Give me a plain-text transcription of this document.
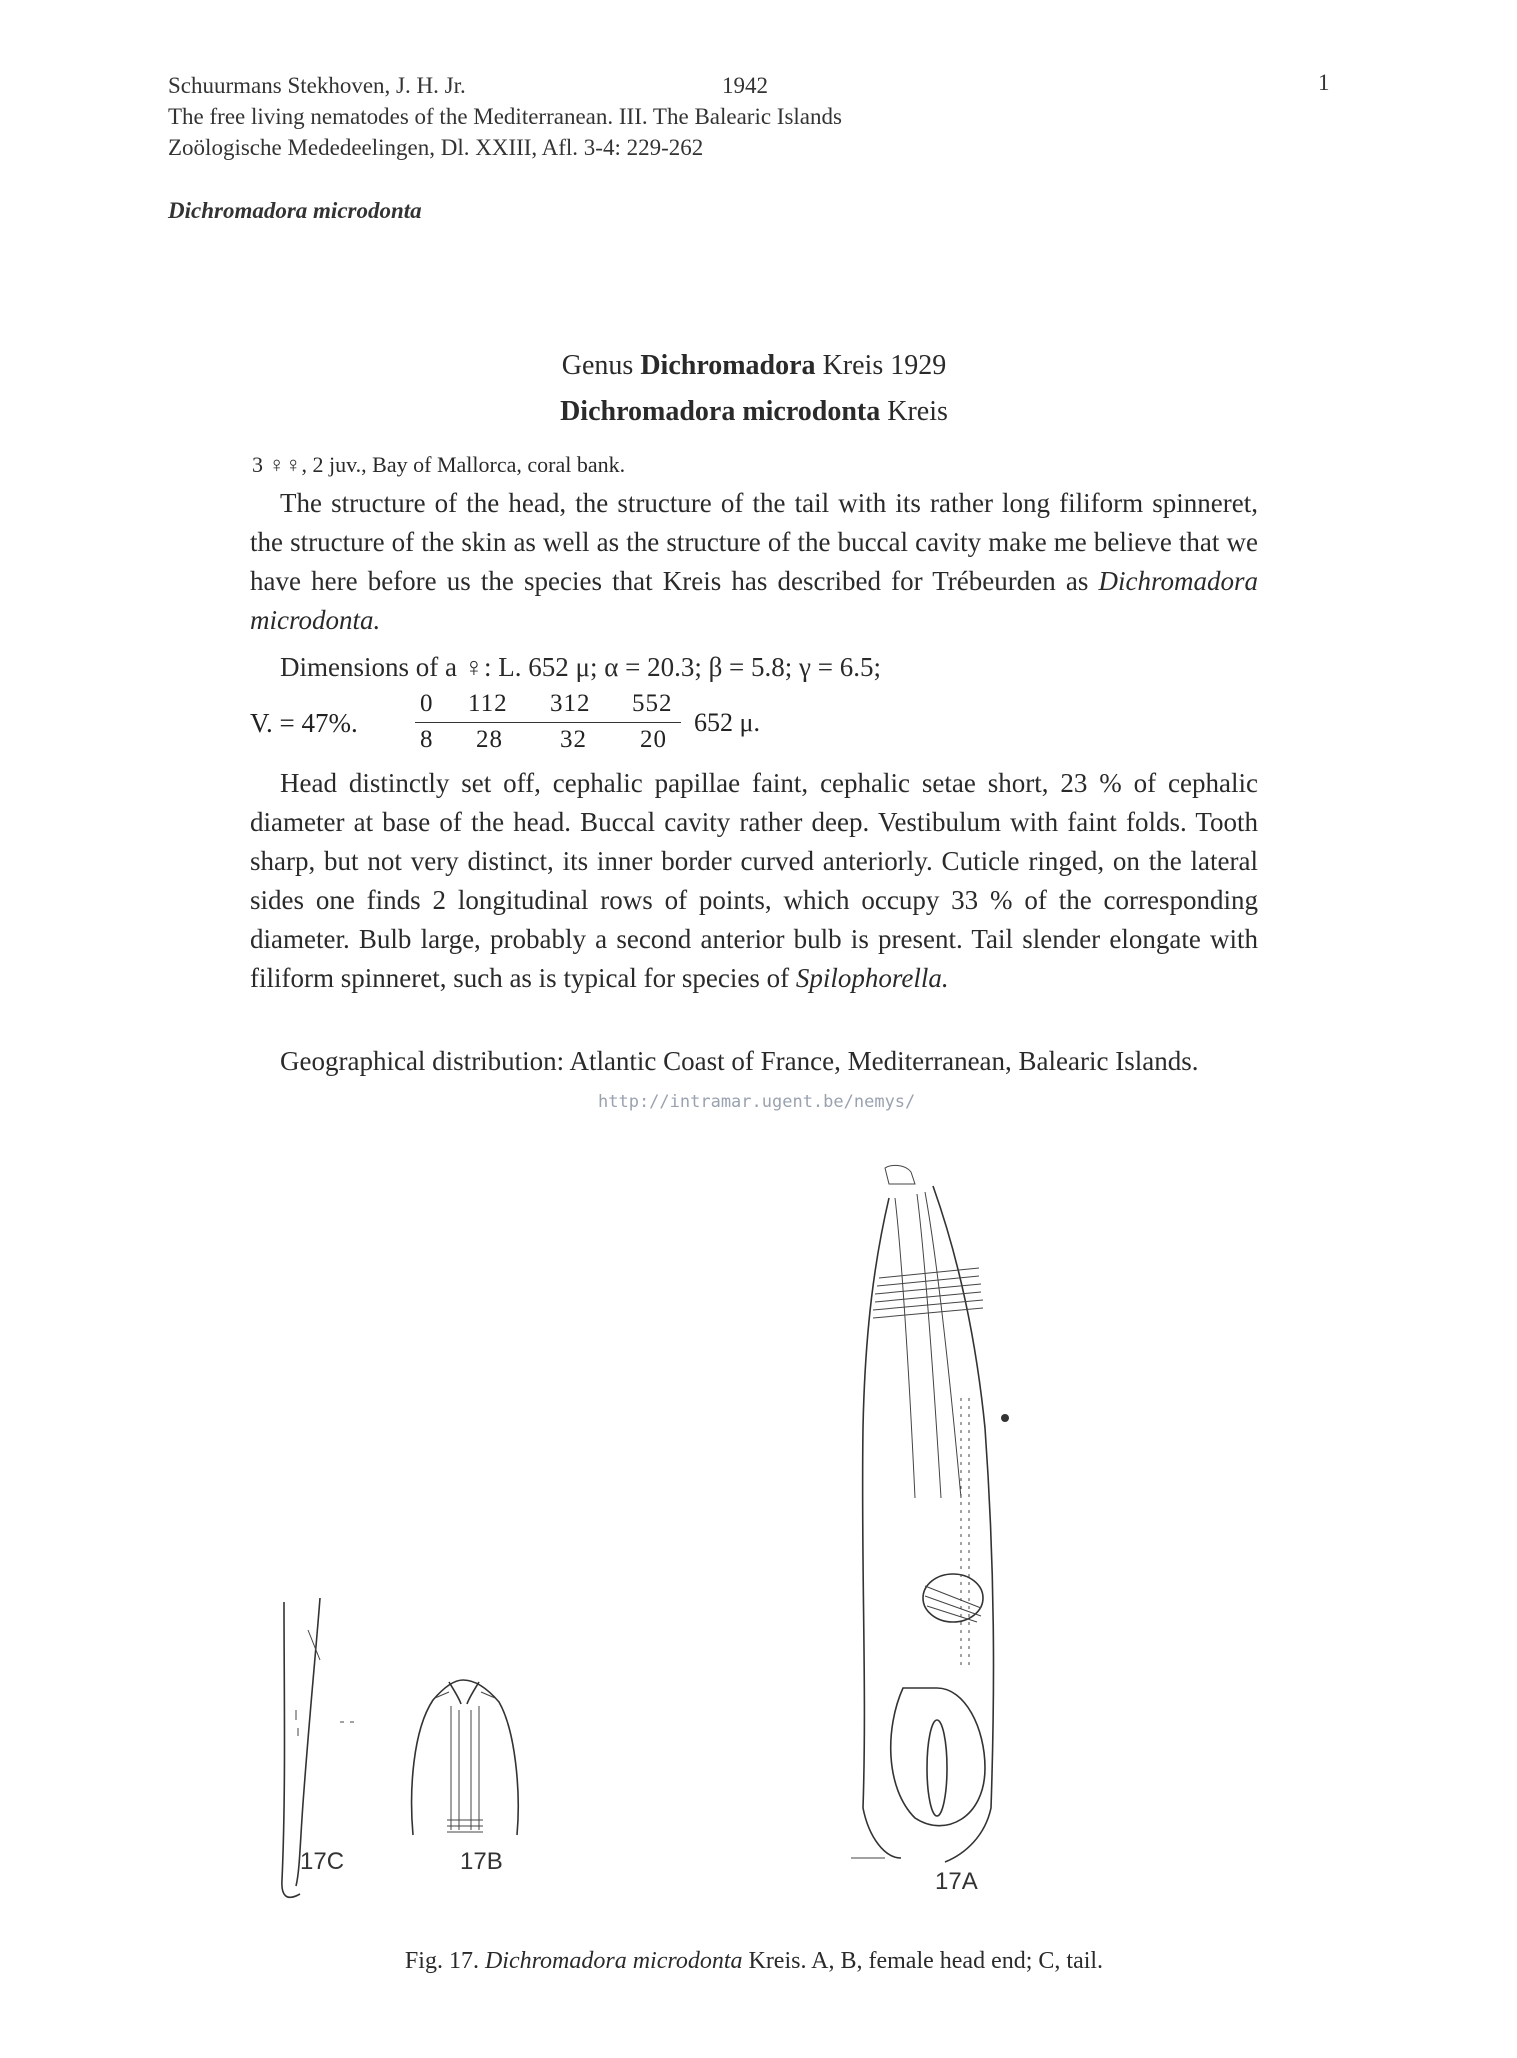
Schuurmans Stekhoven, J. H. Jr.	1942	1
The free living nematodes of the Mediterranean. III. The Balearic Islands
Zoölogische Mededeelingen, Dl. XXIII, Afl. 3-4: 229-262
Dichromadora microdonta
Genus Dichromadora Kreis 1929
Dichromadora microdonta Kreis
3 ♀♀, 2 juv., Bay of Mallorca, coral bank.
The structure of the head, the structure of the tail with its rather long filiform spinneret, the structure of the skin as well as the structure of the buccal cavity make me believe that we have here before us the species that Kreis has described for Trébeurden as Dichromadora microdonta.
Dimensions of a ♀: L. 652 μ; α = 20.3; β = 5.8; γ = 6.5;
V. = 47%.
0 112 312 552
8 28 32 20
652 μ.
Head distinctly set off, cephalic papillae faint, cephalic setae short, 23 % of cephalic diameter at base of the head. Buccal cavity rather deep. Vestibulum with faint folds. Tooth sharp, but not very distinct, its inner border curved anteriorly. Cuticle ringed, on the lateral sides one finds 2 longitudinal rows of points, which occupy 33 % of the corresponding diameter. Bulb large, probably a second anterior bulb is present. Tail slender elongate with filiform spinneret, such as is typical for species of Spilophorella.
Geographical distribution: Atlantic Coast of France, Mediterranean, Balearic Islands.
http://intramar.ugent.be/nemys/
17C	17B
17A
Fig. 17. Dichromadora microdonta Kreis. A, B, female head end; C, tail.
